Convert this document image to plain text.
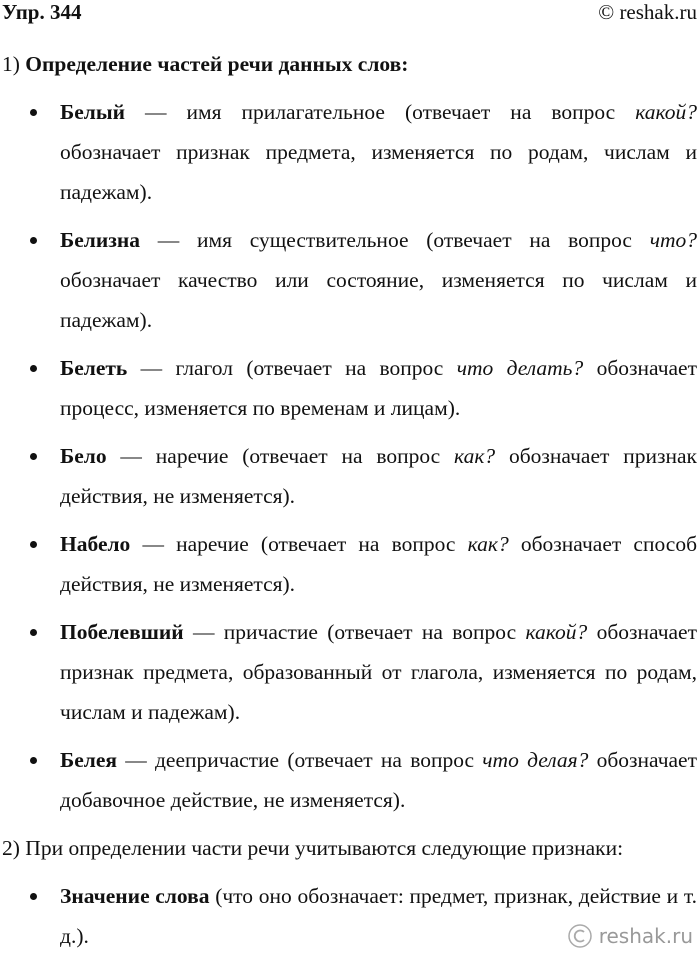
Упр. 344	© reshak.ru
1) Определение частей речи данных слов:
Белый — имя прилагательное (отвечает на вопрос какой? обозначает признак предмета, изменяется по родам, числам и падежам).
Белизна — имя существительное (отвечает на вопрос что? обозначает качество или состояние, изменяется по числам и падежам).
Белеть — глагол (отвечает на вопрос что делать? обозначает процесс, изменяется по временам и лицам).
Бело — наречие (отвечает на вопрос как? обозначает признак действия, не изменяется).
Набело — наречие (отвечает на вопрос как? обозначает способ действия, не изменяется).
Побелевший — причастие (отвечает на вопрос какой? обозначает признак предмета, образованный от глагола, изменяется по родам, числам и падежам).
Белея — деепричастие (отвечает на вопрос что делая? обозначает добавочное действие, не изменяется).
2) При определении части речи учитываются следующие признаки:
Значение слова (что оно обозначает: предмет, признак, действие и т. д.).	reshak.ru
